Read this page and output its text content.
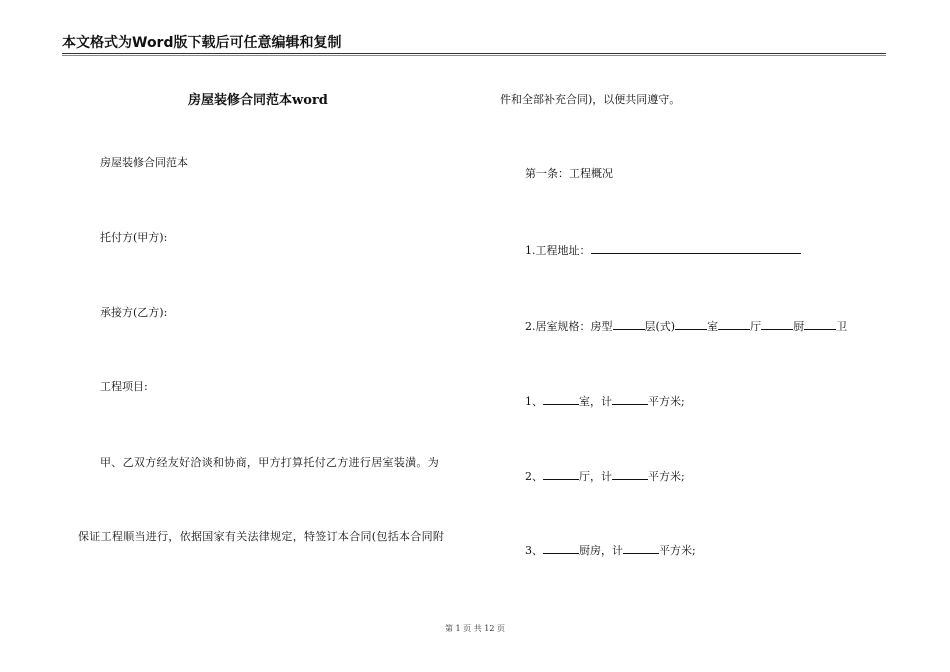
本文格式为Word版下载后可任意编辑和复制
房屋装修合同范本word
房屋装修合同范本
托付方(甲方):
承接方(乙方):
工程项目:
甲、乙双方经友好洽谈和协商，甲方打算托付乙方进行居室装潢。为
保证工程顺当进行，依据国家有关法律规定，特签订本合同(包括本合同附
件和全部补充合同)，以便共同遵守。
第一条：工程概况
1.工程地址：
2.居室规格：房型	层(式)	室	厅	厨	卫
1、	室，计	平方米;
2、	厅，计	平方米;
3、	厨房，计	平方米;
第 1 页 共 12 页
